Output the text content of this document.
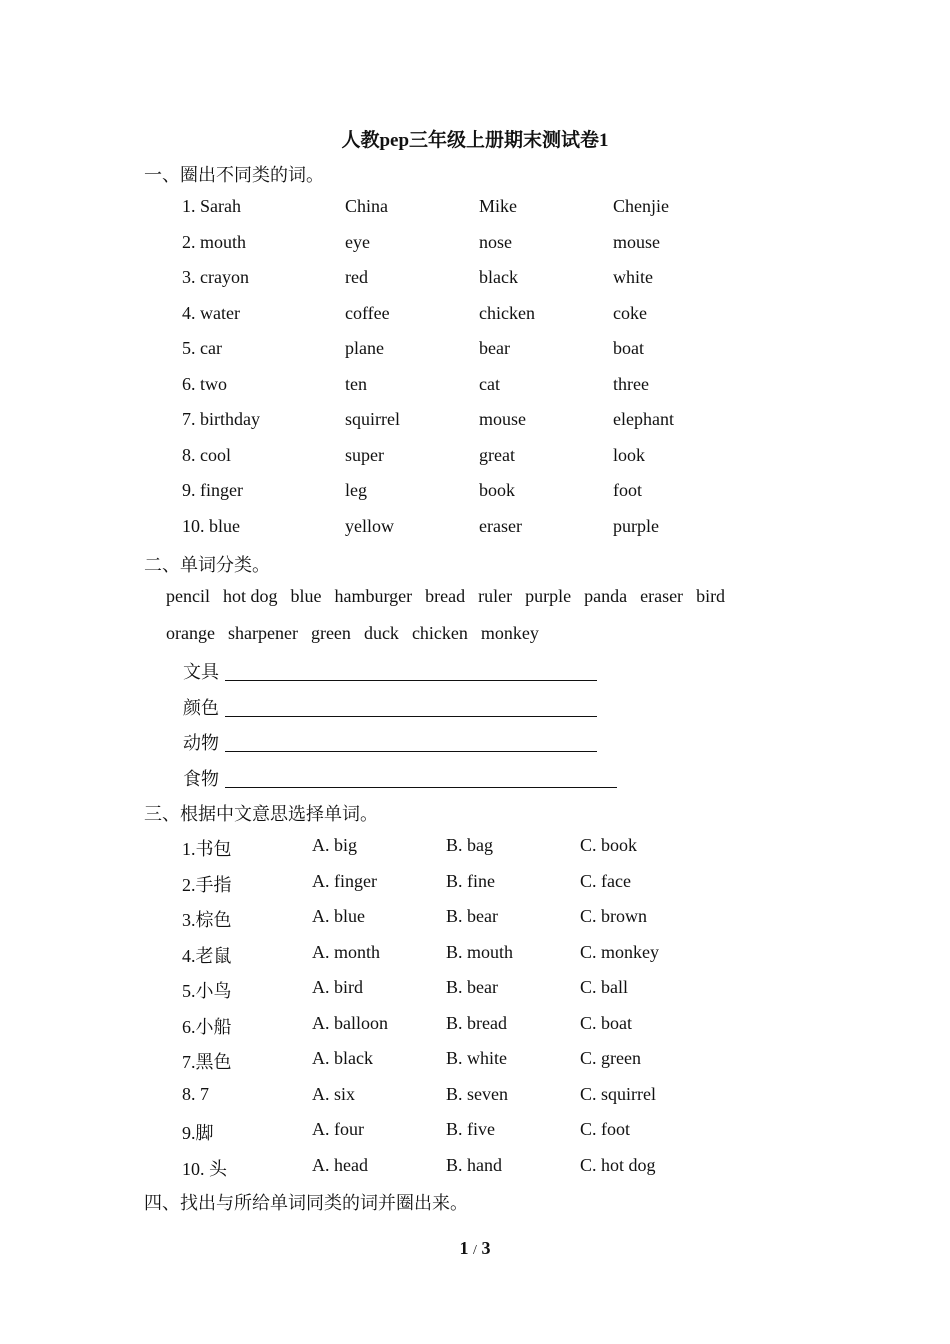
人教pep三年级上册期末测试卷1
一、圈出不同类的词。
1. Sarah	China	Mike	Chenjie
2. mouth	eye	nose	mouse
3. crayon	red	black	white
4. water	coffee	chicken	coke
5. car	plane	bear	boat
6. two	ten	cat	three
7. birthday	squirrel	mouse	elephant
8. cool	super	great	look
9. finger	leg	book	foot
10. blue	yellow	eraser	purple
二、单词分类。
pencil hot dog blue hamburger bread ruler purple panda eraser bird
orange sharpener green duck chicken monkey
文具
颜色
动物
食物
三、根据中文意思选择单词。
1.书包	A. big	B. bag	C. book
2.手指	A. finger	B. fine	C. face
3.棕色	A. blue	B. bear	C. brown
4.老鼠	A. month	B. mouth	C. monkey
5.小鸟	A. bird	B. bear	C. ball
6.小船	A. balloon	B. bread	C. boat
7.黑色	A. black	B. white	C. green
8. 7	A. six	B. seven	C. squirrel
9.脚	A. four	B. five	C. foot
10. 头	A. head	B. hand	C. hot dog
四、找出与所给单词同类的词并圈出来。
1 / 3
